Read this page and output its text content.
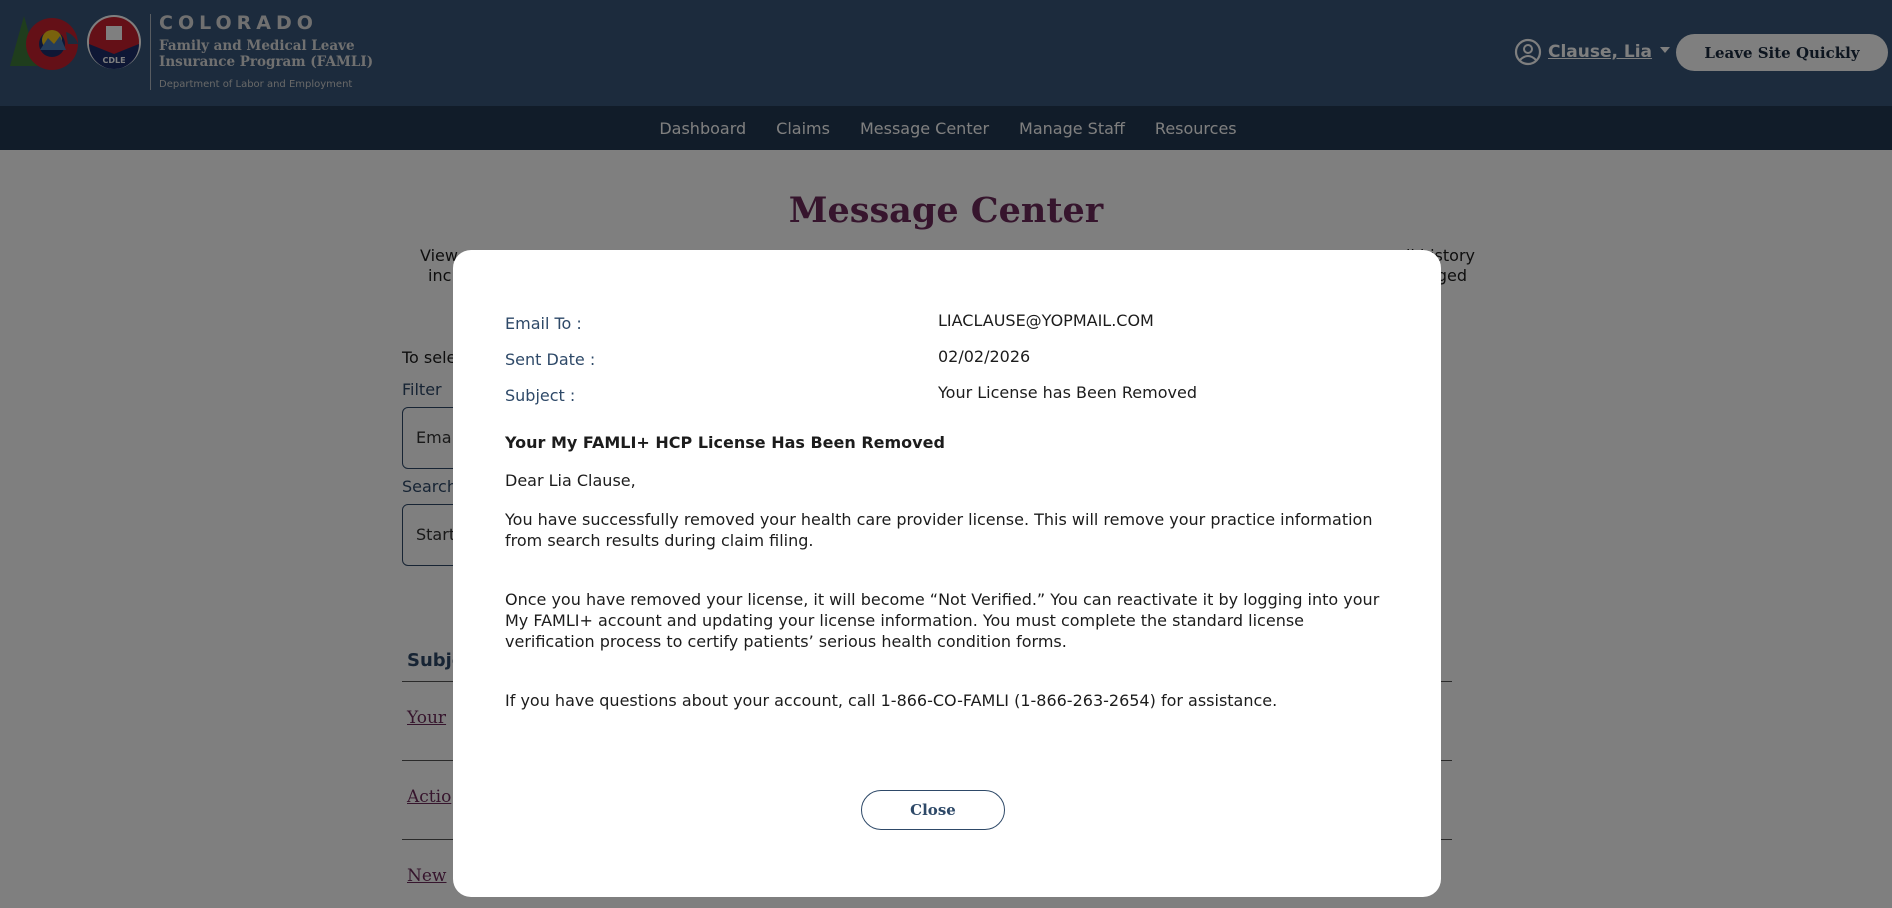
Email To :	LIACLAUSE@YOPMAIL.COM
Sent Date :	02/02/2026
Subject :	Your License has Been Removed
Your My FAMLI+ HCP License Has Been Removed
Dear Lia Clause,

You have successfully removed your health care provider license. This will remove your practice information from search results during claim filing.

Once you have removed your license, it will become “Not Verified.” You can reactivate it by logging into your My FAMLI+ account and updating your license information. You must complete the standard license verification process to certify patients’ serious health condition forms.

If you have questions about your account, call 1-866-CO-FAMLI (1-866-263-2654) for assistance.

Close
